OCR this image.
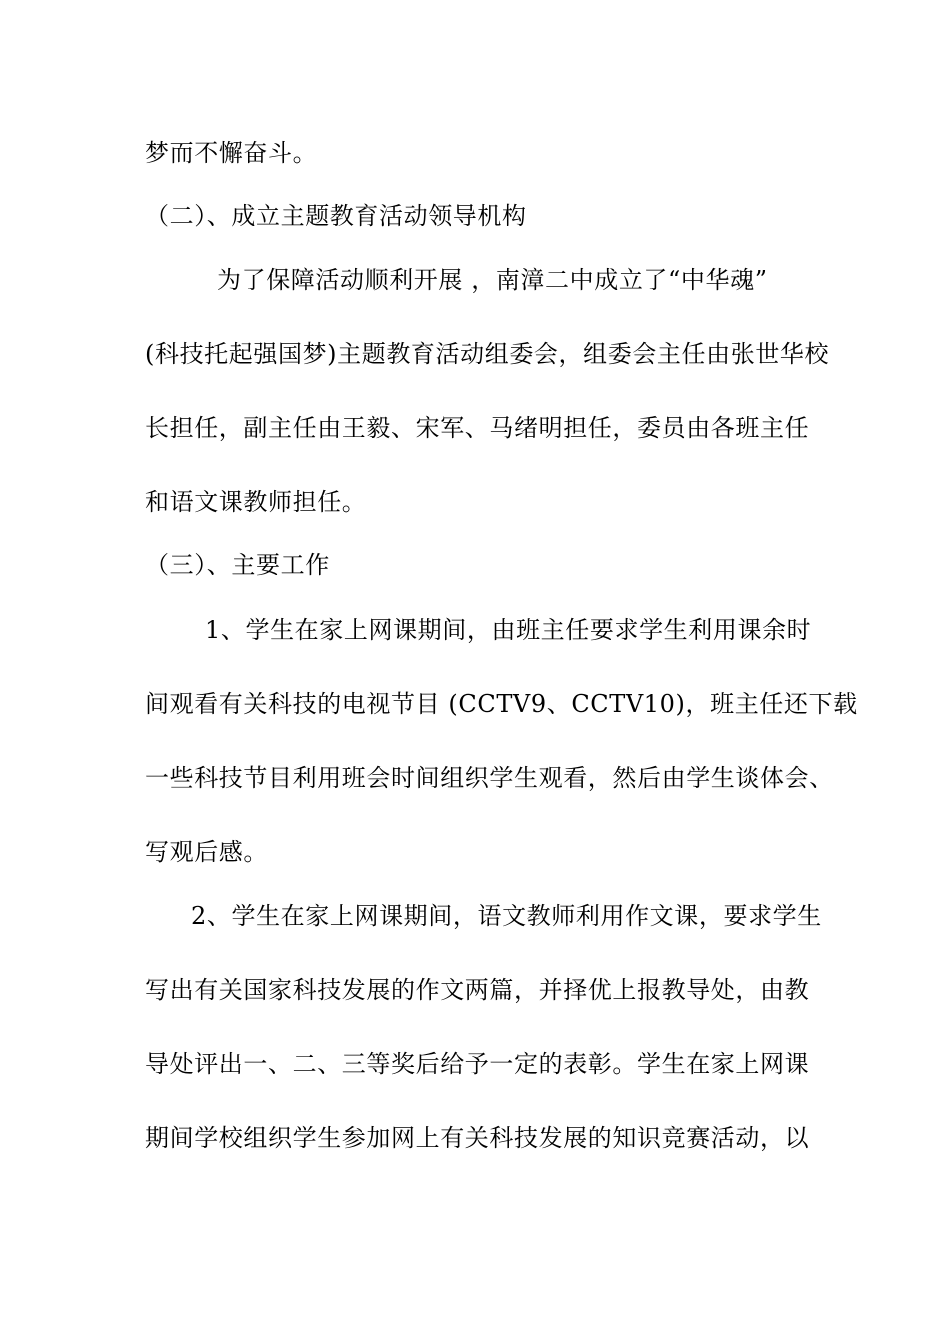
梦而不懈奋斗。
（二）、成立主题教育活动领导机构
为了保障活动顺利开展 ，南漳二中成立了“中华魂”
(科技托起强国梦)主题教育活动组委会，组委会主任由张世华校
长担任，副主任由王毅、宋军、马绪明担任，委员由各班主任
和语文课教师担任。
（三）、主要工作
1、学生在家上网课期间，由班主任要求学生利用课余时
间观看有关科技的电视节目 (CCTV9、CCTV10)，班主任还下载
一些科技节目利用班会时间组织学生观看，然后由学生谈体会、
写观后感。
2、学生在家上网课期间，语文教师利用作文课，要求学生
写出有关国家科技发展的作文两篇，并择优上报教导处，由教
导处评出一、二、三等奖后给予一定的表彰。学生在家上网课
期间学校组织学生参加网上有关科技发展的知识竞赛活动，以
